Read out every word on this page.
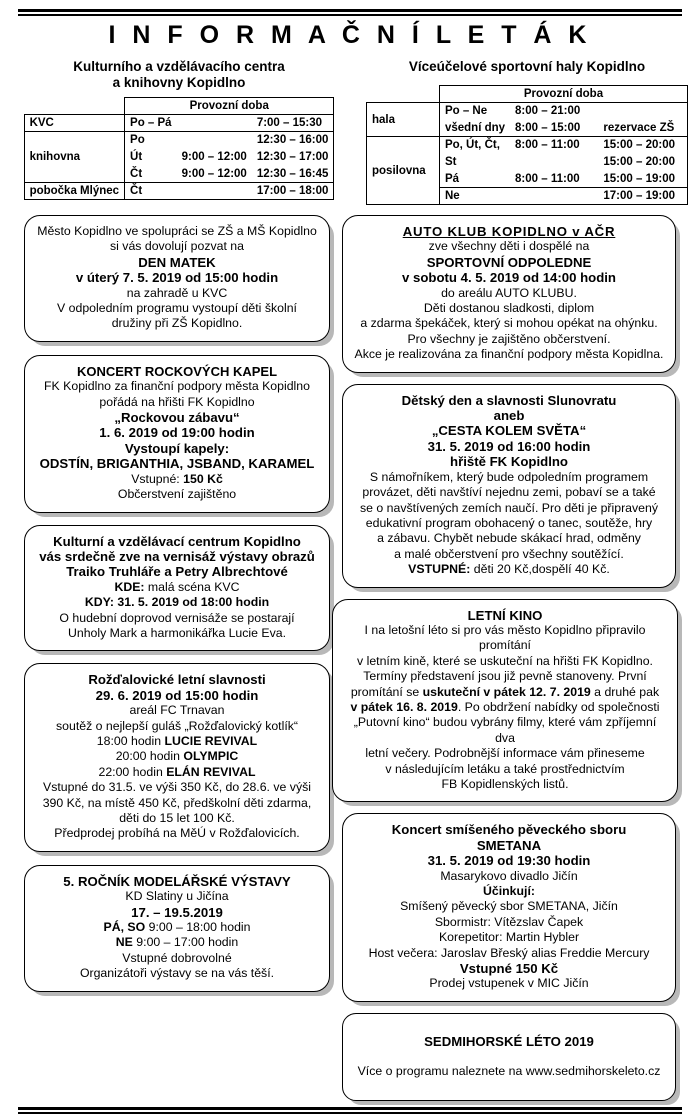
I N F O R M A Č N Í L E T Á K
Kulturního a vzdělávacího centra
a knihovny Kopidlno
	Provozní doba		
KVC	Po – Pá		7:00 – 15:30
knihovna	Po		12:30 – 16:00
	Út	9:00 – 12:00	12:30 – 17:00
	Čt	9:00 – 12:00	12:30 – 16:45
pobočka Mlýnec	Čt		17:00 – 18:00
Víceúčelové sportovní haly Kopidlno
	Provozní doba		
hala	Po – Ne	8:00 – 21:00	
	všední dny	8:00 – 15:00	rezervace ZŠ
posilovna	Po, Út, Čt,	8:00 – 11:00	15:00 – 20:00
	St		15:00 – 20:00
	Pá	8:00 – 11:00	15:00 – 19:00
	Ne		17:00 – 19:00

Město Kopidlno ve spolupráci se ZŠ a MŠ Kopidlno

si vás dovolují pozvat na

DEN MATEK

v úterý 7. 5. 2019 od 15:00 hodin

na zahradě u KVC

V odpoledním programu vystoupí děti školní

družiny při ZŠ Kopidlno.

KONCERT ROCKOVÝCH KAPEL

FK Kopidlno za finanční podpory města Kopidlno

pořádá na hřišti FK Kopidlno

„Rockovou zábavu“

1. 6. 2019 od 19:00 hodin

Vystoupí kapely:

ODSTÍN, BRIGANTHIA, JSBAND, KARAMEL

Vstupné: 150 Kč

Občerstvení zajištěno

Kulturní a vzdělávací centrum Kopidlno

vás srdečně zve na vernisáž výstavy obrazů

Traiko Truhláře a Petry Albrechtové

KDE: malá scéna KVC

KDY: 31. 5. 2019 od 18:00 hodin

O hudební doprovod vernisáže se postarají

Unholy Mark a harmonikářka Lucie Eva.

Rožďalovické letní slavnosti

29. 6. 2019 od 15:00 hodin

areál FC Trnavan

soutěž o nejlepší guláš „Rožďalovický kotlík“

18:00 hodin LUCIE REVIVAL

20:00 hodin OLYMPIC

22:00 hodin ELÁN REVIVAL

Vstupné do 31.5. ve výši 350 Kč, do 28.6. ve výši

390 Kč, na místě 450 Kč, předškolní děti zdarma,

děti do 15 let 100 Kč.

Předprodej probíhá na MěÚ v Rožďalovicích.

5. ROČNÍK MODELÁŘSKÉ VÝSTAVY

KD Slatiny u Jičína

17. – 19.5.2019

PÁ, SO 9:00 – 18:00 hodin

NE 9:00 – 17:00 hodin

Vstupné dobrovolné

Organizátoři výstavy se na vás těší.

AUTO KLUB KOPIDLNO v AČR

zve všechny děti i dospělé na

SPORTOVNÍ ODPOLEDNE

v sobotu 4. 5. 2019 od 14:00 hodin

do areálu AUTO KLUBU.

Děti dostanou sladkosti, diplom

a zdarma špekáček, který si mohou opékat na ohýnku.

Pro všechny je zajištěno občerstvení.

Akce je realizována za finanční podpory města Kopidlna.

Dětský den a slavnosti Slunovratu

aneb

„CESTA KOLEM SVĚTA“

31. 5. 2019 od 16:00 hodin

hřiště FK Kopidlno

S námořníkem, který bude odpoledním programem

provázet, děti navštíví nejednu zemi, pobaví se a také

se o navštívených zemích naučí. Pro děti je připravený

edukativní program obohacený o tanec, soutěže, hry

a zábavu. Chybět nebude skákací hrad, odměny

a malé občerstvení pro všechny soutěžící.

VSTUPNÉ: děti 20 Kč,dospělí 40 Kč.

LETNÍ KINO

I na letošní léto si pro vás město Kopidlno připravilo promítání

v letním kině, které se uskuteční na hřišti FK Kopidlno.

Termíny představení jsou již pevně stanoveny. První

promítání se uskuteční v pátek 12. 7. 2019 a druhé pak

v pátek 16. 8. 2019. Po obdržení nabídky od společnosti

„Putovní kino“ budou vybrány filmy, které vám zpříjemní dva

letní večery. Podrobnější informace vám přineseme

v následujícím letáku a také prostřednictvím

FB Kopidlenských listů.

Koncert smíšeného pěveckého sboru

SMETANA

31. 5. 2019 od 19:30 hodin

Masarykovo divadlo Jičín

Účinkují:

Smíšený pěvecký sbor SMETANA, Jičín

Sbormistr: Vítězslav Čapek

Korepetitor: Martin Hybler

Host večera: Jaroslav Břeský alias Freddie Mercury

Vstupné 150 Kč

Prodej vstupenek v MIC Jičín

SEDMIHORSKÉ LÉTO 2019

Více o programu naleznete na www.sedmihorskeleto.cz
